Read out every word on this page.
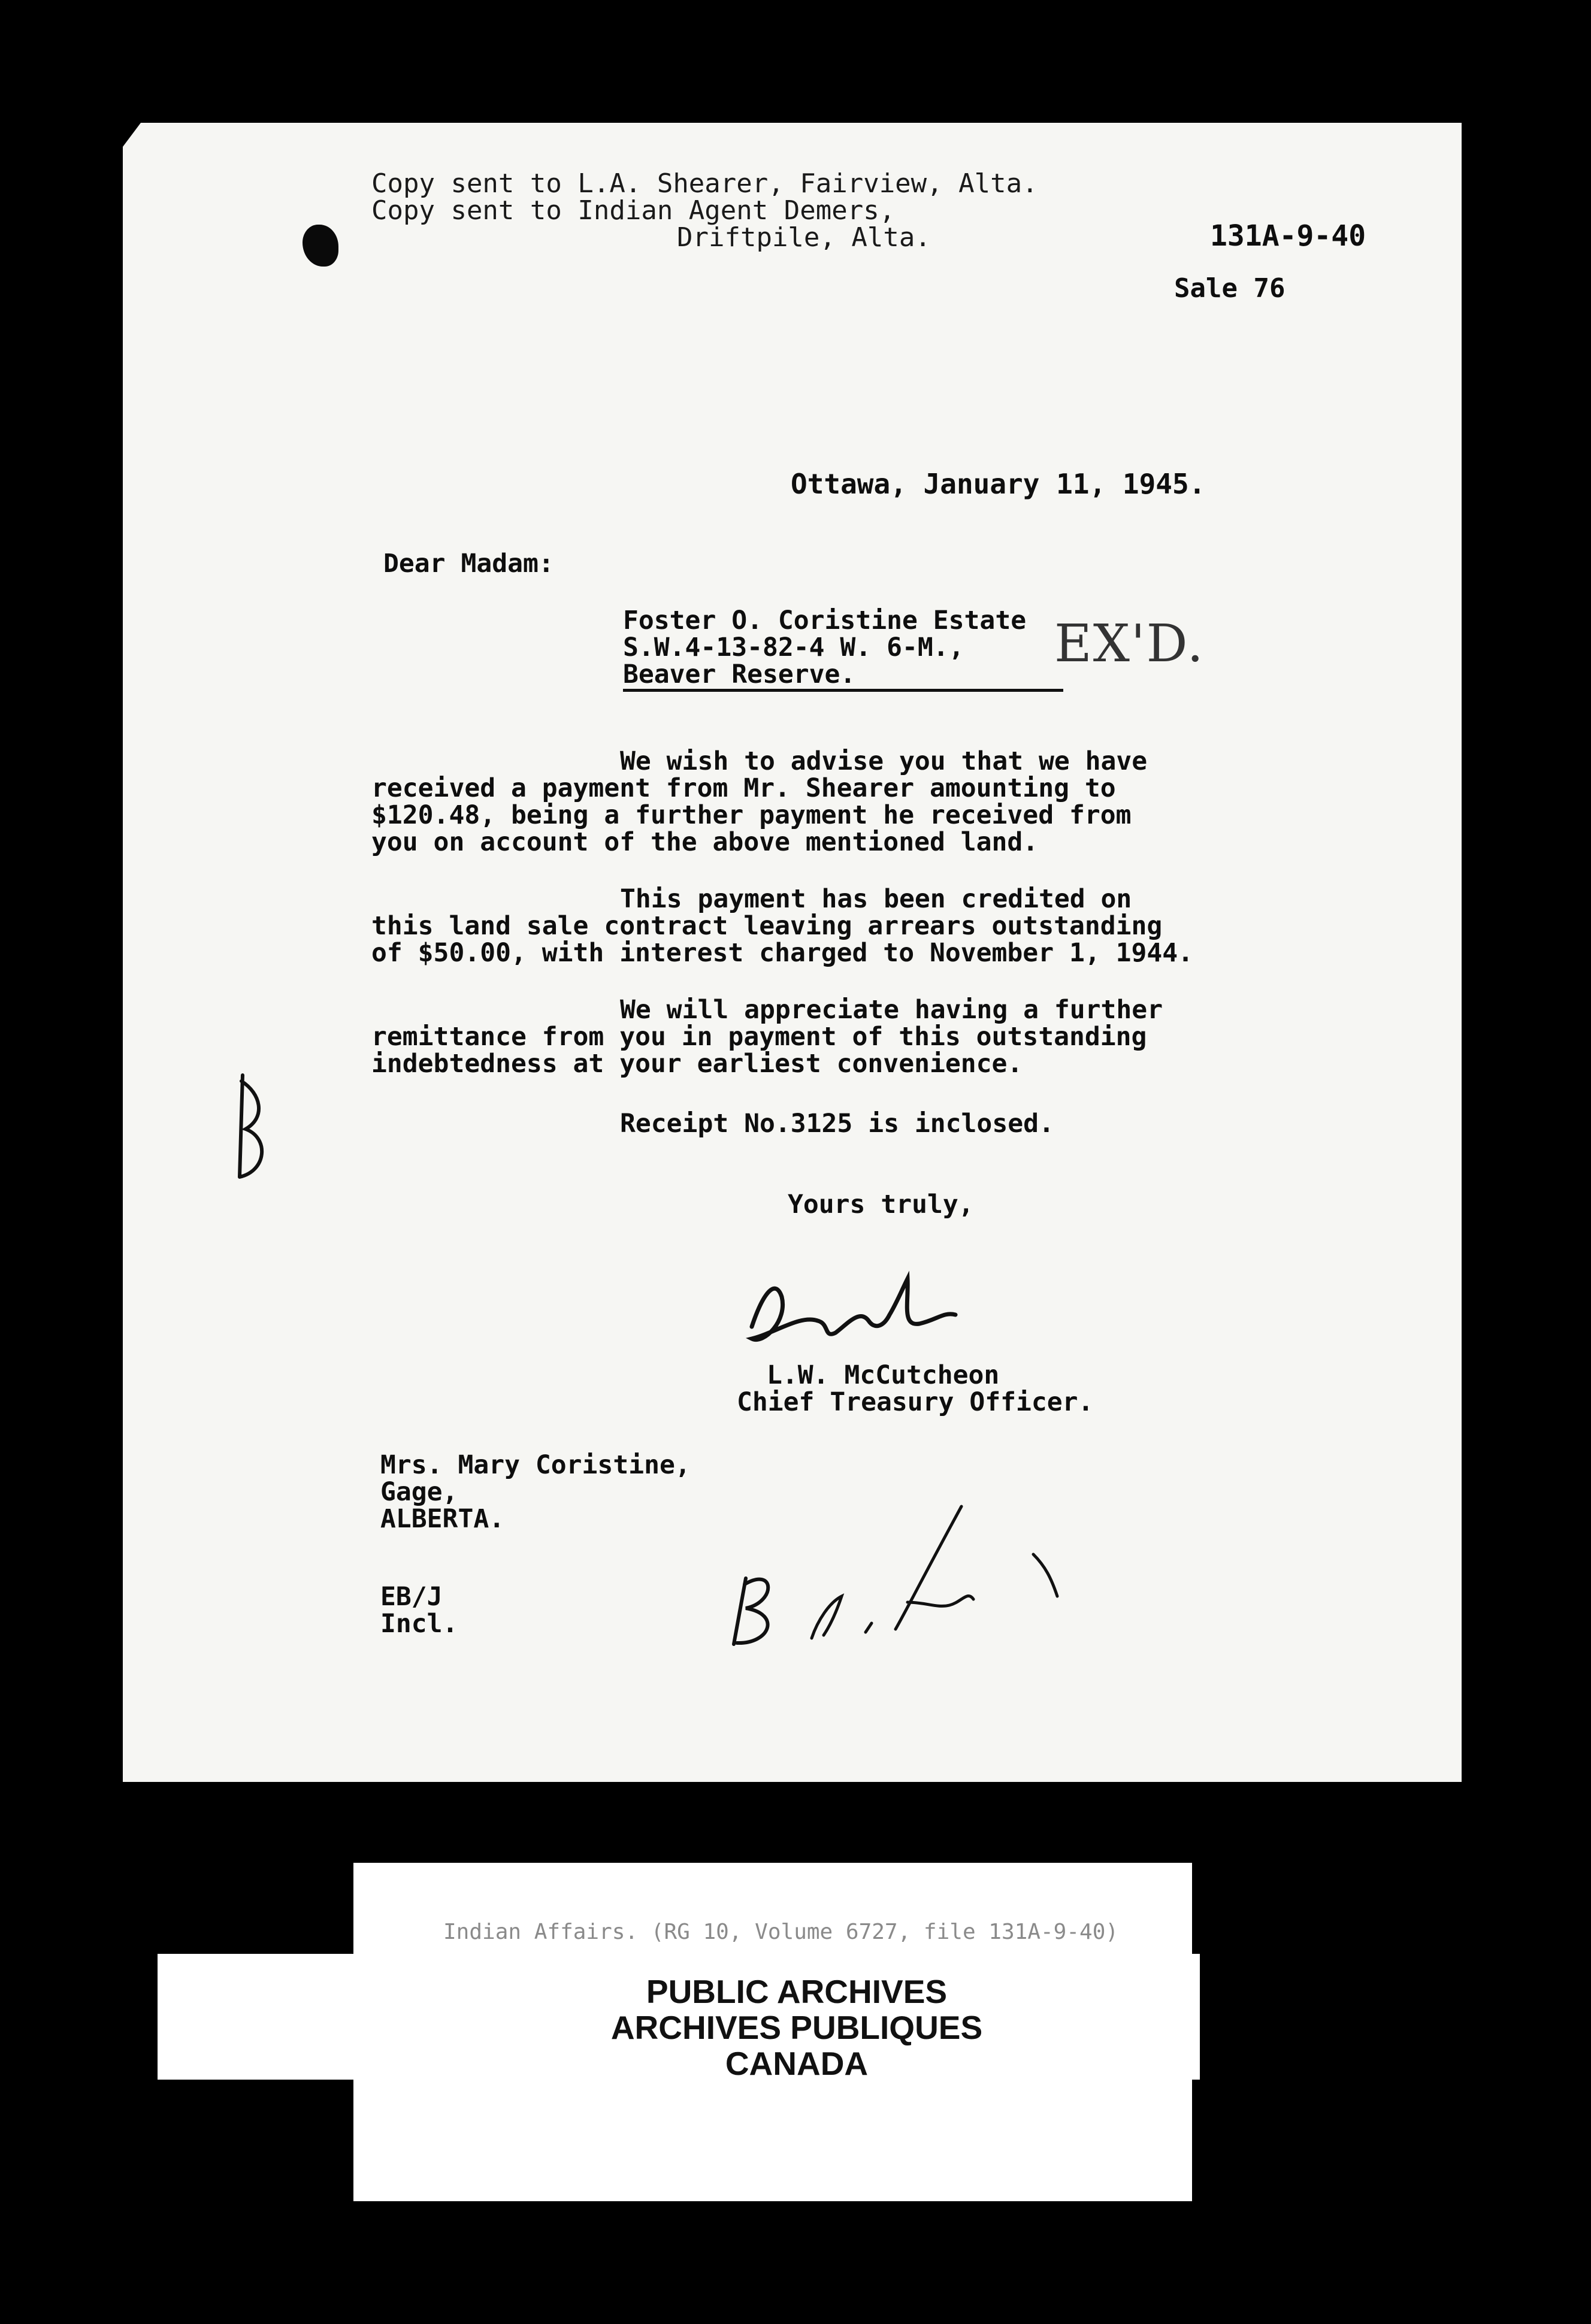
Copy sent to L.A. Shearer, Fairview, Alta.
Copy sent to Indian Agent Demers,
Driftpile, Alta.	131A-9-40
Sale 76
Ottawa, January 11, 1945.
Dear Madam:
Foster O. Coristine Estate
S.W.4-13-82-4 W. 6-M.,
Beaver Reserve.
EX'D.
We wish to advise you that we have
received a payment from Mr. Shearer amounting to
$120.48, being a further payment he received from
you on account of the above mentioned land.
This payment has been credited on
this land sale contract leaving arrears outstanding
of $50.00, with interest charged to November 1, 1944.
We will appreciate having a further
remittance from you in payment of this outstanding
indebtedness at your earliest convenience.
Receipt No.3125 is inclosed.
Yours truly,
L.W. McCutcheon
Chief Treasury Officer.
Mrs. Mary Coristine,
Gage,
ALBERTA.
EB/J
Incl.
Indian Affairs. (RG 10, Volume 6727, file 131A-9-40)
PUBLIC ARCHIVES
ARCHIVES PUBLIQUES
CANADA
